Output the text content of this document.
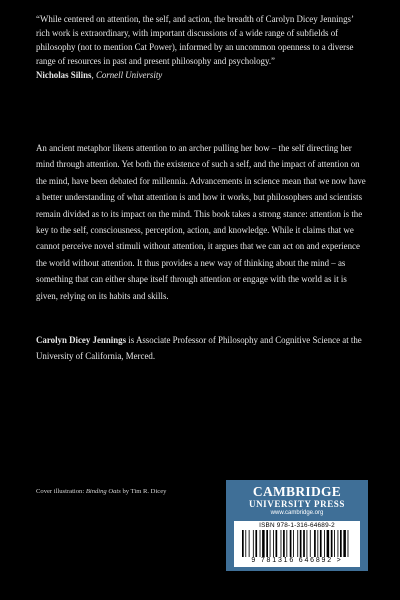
“While centered on attention, the self, and action, the breadth of Carolyn Dicey Jennings’ rich work is extraordinary, with important discussions of a wide range of subfields of philosophy (not to mention Cat Power), informed by an uncommon openness to a diverse range of resources in past and present philosophy and psychology.”

Nicholas Silins, Cornell University

An ancient metaphor likens attention to an archer pulling her bow – the self directing her mind through attention. Yet both the existence of such a self, and the impact of attention on the mind, have been debated for millennia. Advancements in science mean that we now have a better understanding of what attention is and how it works, but philosophers and scientists remain divided as to its impact on the mind. This book takes a strong stance: attention is the key to the self, consciousness, perception, action, and knowledge. While it claims that we cannot perceive novel stimuli without attention, it argues that we can act on and experience the world without attention. It thus provides a new way of thinking about the mind – as something that can either shape itself through attention or engage with the world as it is given, relying on its habits and skills.

Carolyn Dicey Jennings is Associate Professor of Philosophy and Cognitive Science at the University of California, Merced.

Cover illustration: Binding Oats by Tim R. Dicey	CAMBRIDGE
UNIVERSITY PRESS
www.cambridge.org
ISBN 978-1-316-64689-2
9 781316 646892 >
